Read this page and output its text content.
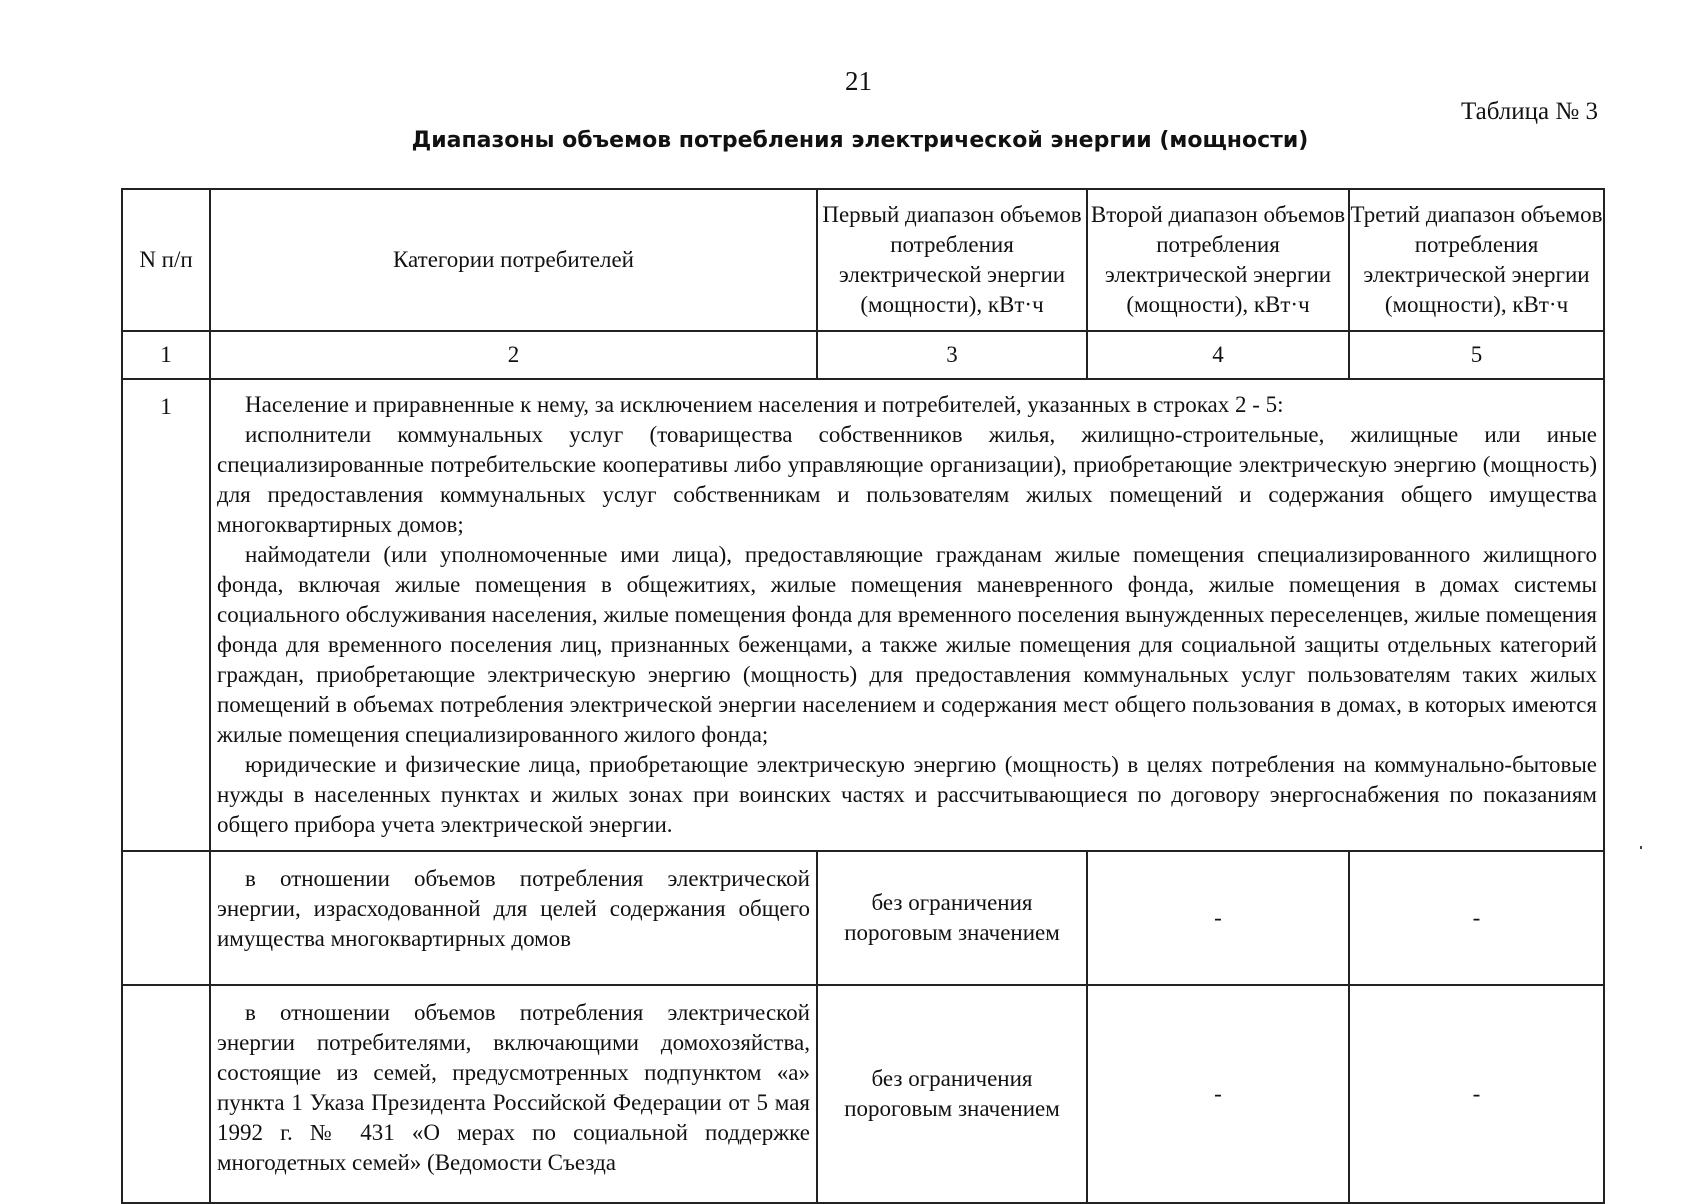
21
Таблица № 3
Диапазоны объемов потребления электрической энергии (мощности)
N п/п	Категории потребителей	Первый диапазон объемов потребления электрической энергии (мощности), кВт·ч	Второй диапазон объемов потребления электрической энергии (мощности), кВт·ч	Третий диапазон объемов потребления электрической энергии (мощности), кВт·ч
1	2	3	4	5
1	Население и приравненные к нему, за исключением населения и потребителей, указанных в строках 2 - 5:

исполнители коммунальных услуг (товарищества собственников жилья, жилищно-строительные, жилищные или иные специализированные потребительские кооперативы либо управляющие организации), приобретающие электрическую энергию (мощность) для предоставления коммунальных услуг собственникам и пользователям жилых помещений и содержания общего имущества многоквартирных домов;

наймодатели (или уполномоченные ими лица), предоставляющие гражданам жилые помещения специализированного жилищного фонда, включая жилые помещения в общежитиях, жилые помещения маневренного фонда, жилые помещения в домах системы социального обслуживания населения, жилые помещения фонда для временного поселения вынужденных переселенцев, жилые помещения фонда для временного поселения лиц, признанных беженцами, а также жилые помещения для социальной защиты отдельных категорий граждан, приобретающие электрическую энергию (мощность) для предоставления коммунальных услуг пользователям таких жилых помещений в объемах потребления электрической энергии населением и содержания мест общего пользования в домах, в которых имеются жилые помещения специализированного жилого фонда;

юридические и физические лица, приобретающие электрическую энергию (мощность) в целях потребления на коммунально-бытовые нужды в населенных пунктах и жилых зонах при воинских частях и рассчитывающиеся по договору энергоснабжения по показаниям общего прибора учета электрической энергии.			

	в отношении объемов потребления электрической энергии, израсходованной для целей содержания общего имущества многоквартирных домов	без ограничения пороговым значением	-	-

	в отношении объемов потребления электрической энергии потребителями, включающими домохозяйства, состоящие из семей, предусмотренных подпунктом «а» пункта 1 Указа Президента Российской Федерации от 5 мая 1992 г. № 431 «О мерах по социальной поддержке многодетных семей» (Ведомости Съезда	без ограничения пороговым значением	-	-
